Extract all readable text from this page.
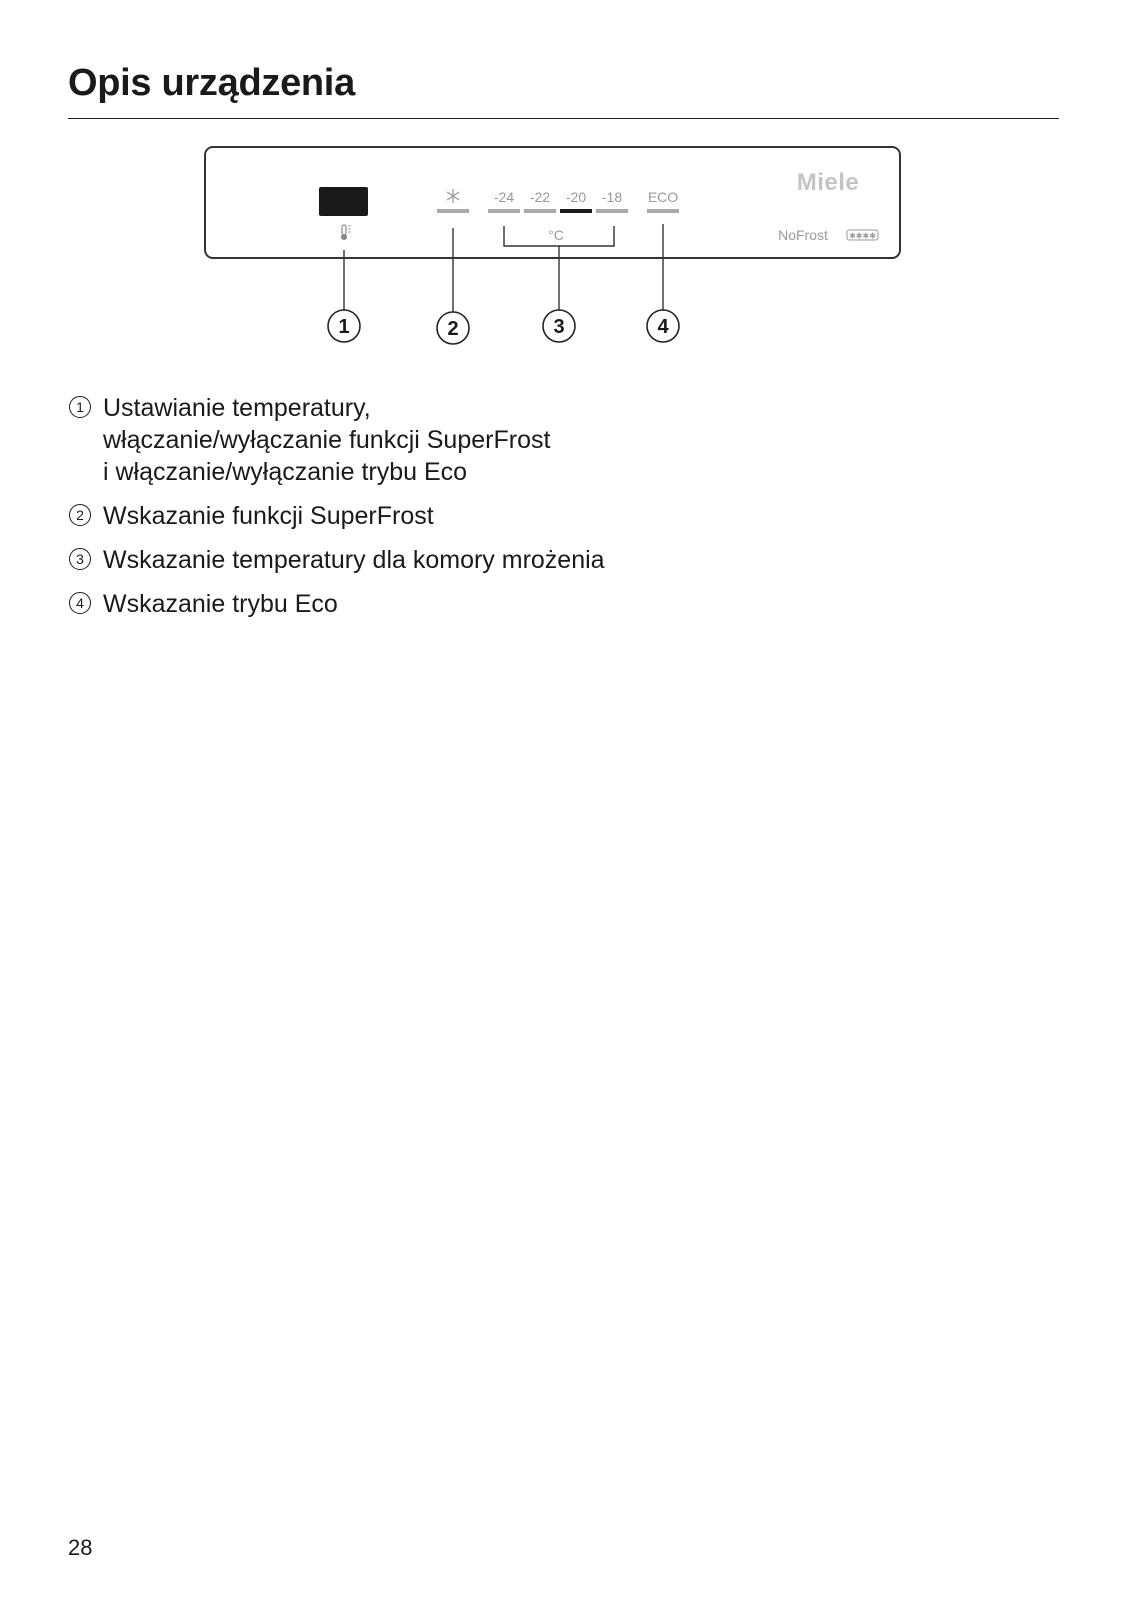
Opis urządzenia
-24 -22 -20 -18 ECO
°C
Miele
NoFrost	✱✱✱✱
1	2	3	4
1 Ustawianie temperatury,
włączanie/wyłączanie funkcji SuperFrost
i włączanie/wyłączanie trybu Eco
2 Wskazanie funkcji SuperFrost
3 Wskazanie temperatury dla komory mrożenia
4 Wskazanie trybu Eco
28
